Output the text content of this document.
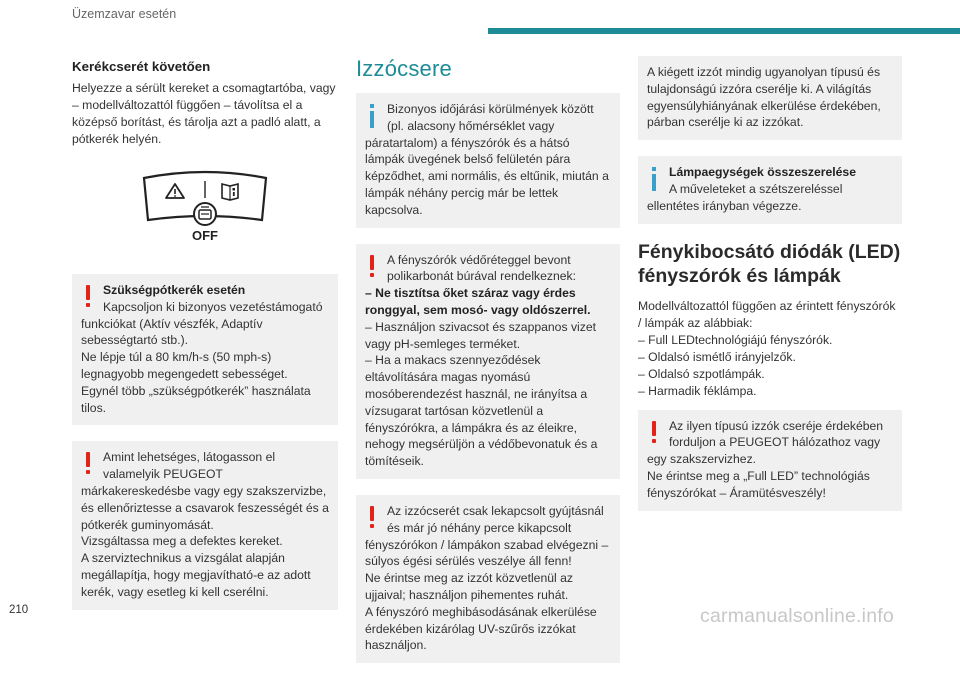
Üzemzavar esetén
Kerékcserét követően

Helyezze a sérült kereket a csomagtartóba, vagy – modellváltozattól függően – távolítsa el a középső borítást, és tárolja azt a padló alatt, a pótkerék helyén.

OFF
Szükségpótkerék esetén
Kapcsoljon ki bizonyos vezetéstámogató funkciókat (Aktív vészfék, Adaptív sebességtartó stb.).
Ne lépje túl a 80 km/h-s (50 mph-s) legnagyobb megengedett sebességet.
Egynél több „szükségpótkerék” használata tilos.
Amint lehetséges, látogasson el valamelyik PEUGEOT márkakereskedésbe vagy egy szakszervizbe, és ellenőriztesse a csavarok feszességét és a pótkerék guminyomását.
Vizsgáltassa meg a defektes kereket.
A szerviztechnikus a vizsgálat alapján megállapítja, hogy megjavítható-e az adott kerék, vagy esetleg ki kell cserélni.
Izzócsere
Bizonyos időjárási körülmények között (pl. alacsony hőmérséklet vagy páratartalom) a fényszórók és a hátsó lámpák üvegének belső felületén pára képződhet, ami normális, és eltűnik, miután a lámpák néhány percig már be lettek kapcsolva.
A fényszórók védőréteggel bevont polikarbonát búrával rendelkeznek:
– Ne tisztítsa őket száraz vagy érdes ronggyal, sem mosó- vagy oldószerrel.
– Használjon szivacsot és szappanos vizet vagy pH-semleges terméket.
– Ha a makacs szennyeződések eltávolítására magas nyomású mosóberendezést használ, ne irányítsa a vízsugarat tartósan közvetlenül a fényszórókra, a lámpákra és az éleikre, nehogy megsérüljön a védőbevonatuk és a tömítéseik.
Az izzócserét csak lekapcsolt gyújtásnál és már jó néhány perce kikapcsolt fényszórókon / lámpákon szabad elvégezni – súlyos égési sérülés veszélye áll fenn!
Ne érintse meg az izzót közvetlenül az ujjaival; használjon pihementes ruhát.
A fényszóró meghibásodásának elkerülése érdekében kizárólag UV-szűrős izzókat használjon.
A kiégett izzót mindig ugyanolyan típusú és tulajdonságú izzóra cserélje ki. A világítás egyensúlyhiányának elkerülése érdekében, párban cserélje ki az izzókat.
Lámpaegységek összeszerelése
A műveleteket a szétszereléssel ellentétes irányban végezze.
Fénykibocsátó diódák (LED) fényszórók és lámpák

Modellváltozattól függően az érintett fényszórók / lámpák az alábbiak:

– Full LEDtechnológiájú fényszórók.

– Oldalsó ismétlő irányjelzők.

– Oldalsó szpotlámpák.

– Harmadik féklámpa.

Az ilyen típusú izzók cseréje érdekében forduljon a PEUGEOT hálózathoz vagy egy szakszervizhez.
Ne érintse meg a „Full LED” technológiás fényszórókat – Áramütésveszély!
210	carmanualsonline.info
